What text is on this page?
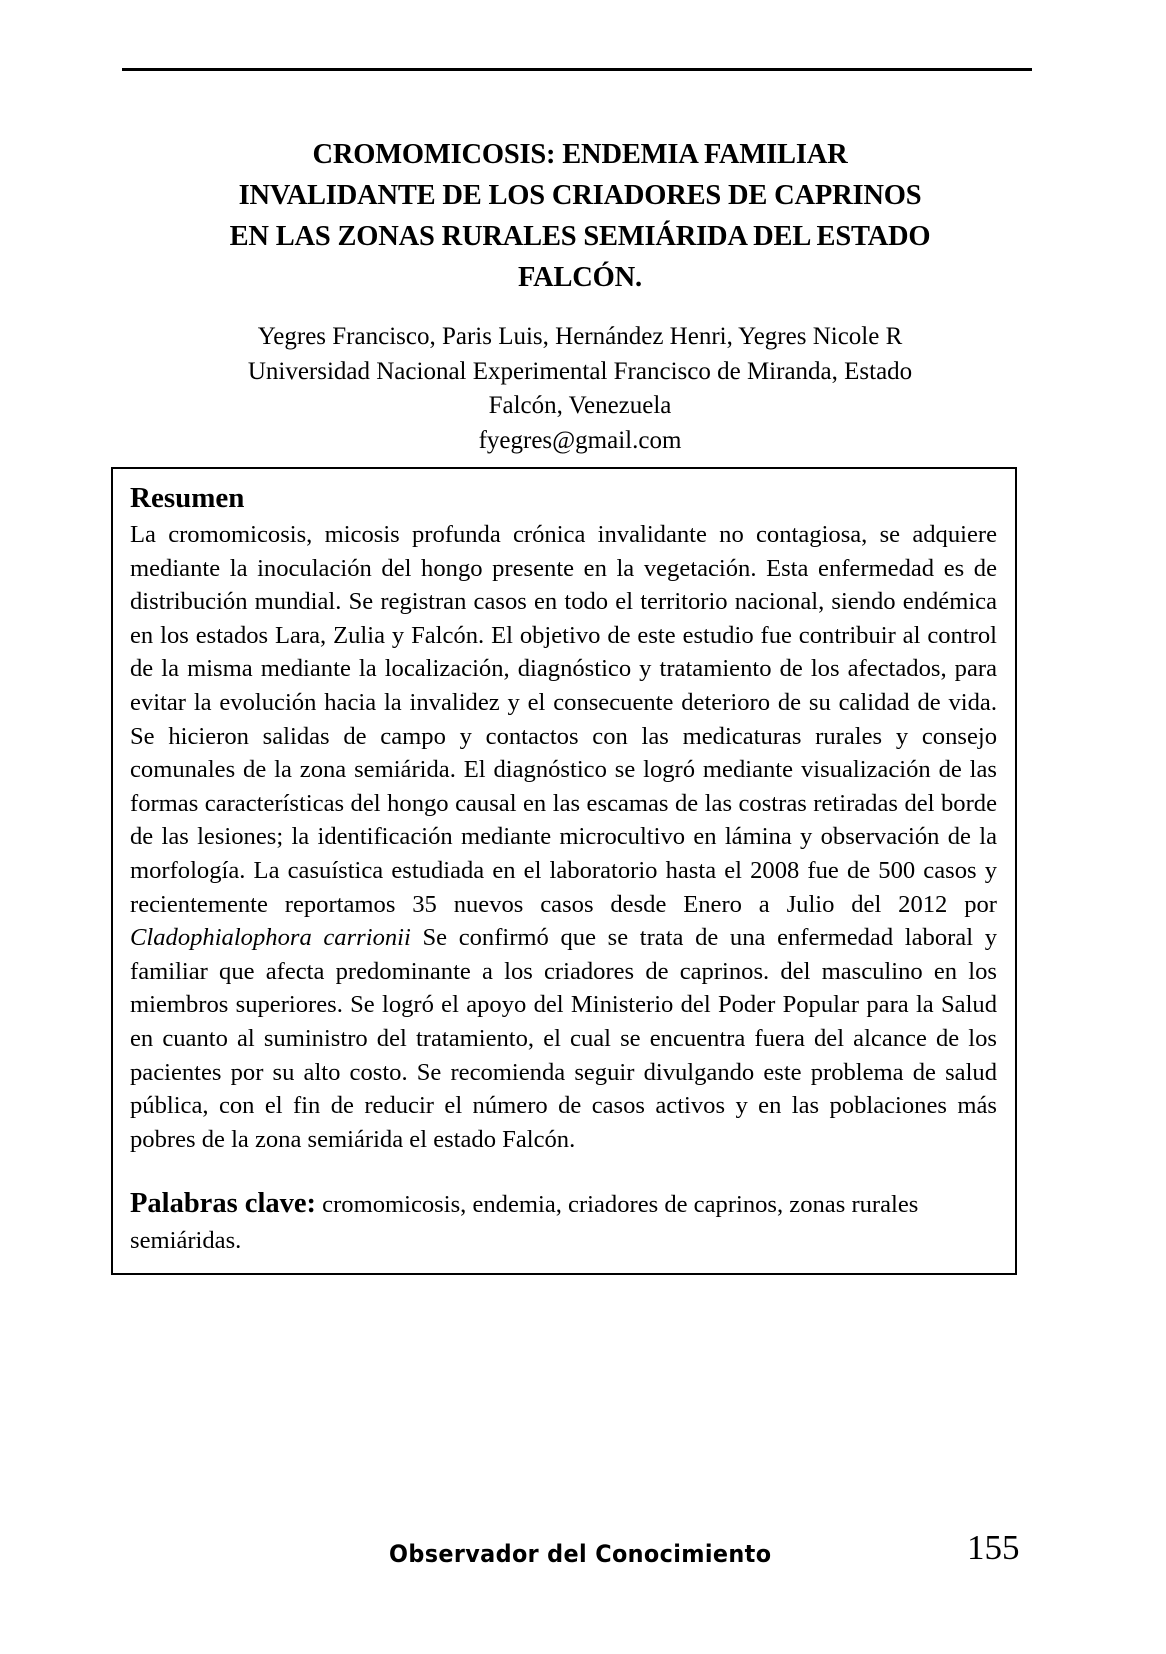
CROMOMICOSIS: ENDEMIA FAMILIAR
INVALIDANTE DE LOS CRIADORES DE CAPRINOS
EN LAS ZONAS RURALES SEMIÁRIDA DEL ESTADO
FALCÓN.
Yegres Francisco, Paris Luis, Hernández Henri, Yegres Nicole R
Universidad Nacional Experimental Francisco de Miranda, Estado
Falcón, Venezuela
fyegres@gmail.com
Resumen
La cromomicosis, micosis profunda crónica invalidante no contagiosa, se adquiere mediante la inoculación del hongo presente en la vegetación. Esta enfermedad es de distribución mundial. Se registran casos en todo el territorio nacional, siendo endémica en los estados Lara, Zulia y Falcón. El objetivo de este estudio fue contribuir al control de la misma mediante la localización, diagnóstico y tratamiento de los afectados, para evitar la evolución hacia la invalidez y el consecuente deterioro de su calidad de vida. Se hicieron salidas de campo y contactos con las medicaturas rurales y consejo comunales de la zona semiárida. El diagnóstico se logró mediante visualización de las formas características del hongo causal en las escamas de las costras retiradas del borde de las lesiones; la identificación mediante microcultivo en lámina y observación de la morfología. La casuística estudiada en el laboratorio hasta el 2008 fue de 500 casos y recientemente reportamos 35 nuevos casos desde Enero a Julio del 2012 por Cladophialophora carrionii Se confirmó que se trata de una enfermedad laboral y familiar que afecta predominante a los criadores de caprinos. del masculino en los miembros superiores. Se logró el apoyo del Ministerio del Poder Popular para la Salud en cuanto al suministro del tratamiento, el cual se encuentra fuera del alcance de los pacientes por su alto costo. Se recomienda seguir divulgando este problema de salud pública, con el fin de reducir el número de casos activos y en las poblaciones más pobres de la zona semiárida el estado Falcón.
Palabras clave: cromomicosis, endemia, criadores de caprinos, zonas rurales semiáridas.
Observador del Conocimiento	155
